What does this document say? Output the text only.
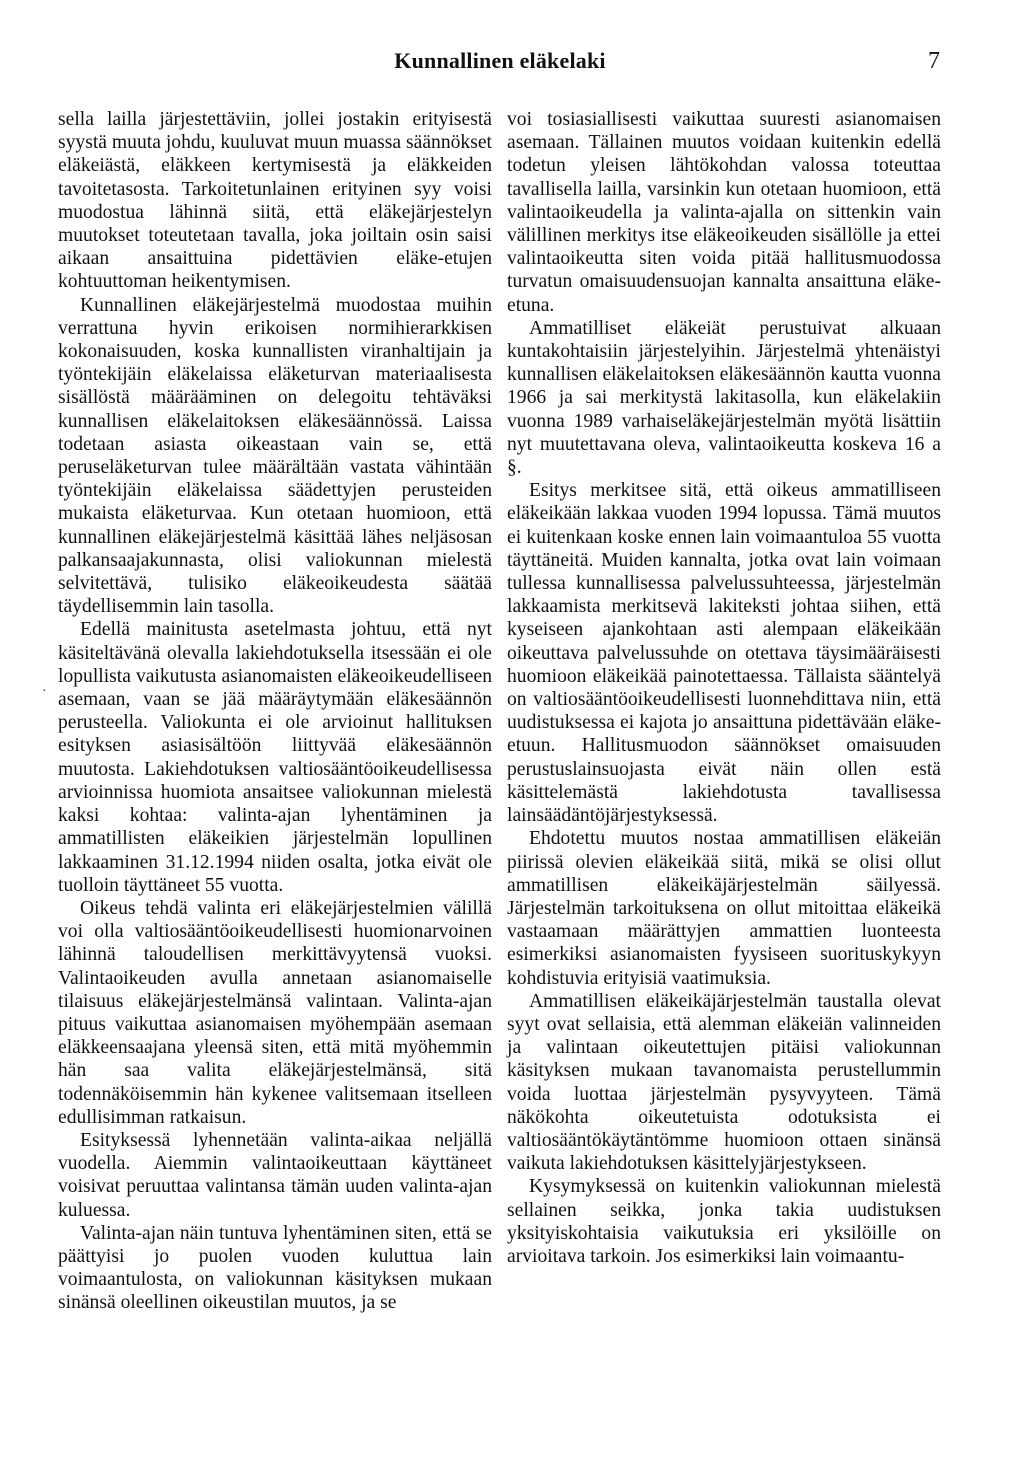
Kunnallinen eläkelaki	7
·

sella lailla järjestettäviin, jollei jostakin erityisestä syystä muuta johdu, kuuluvat muun muassa säännökset eläkeiästä, eläkkeen kertymisestä ja eläkkeiden tavoitetasosta. Tarkoitetunlainen erityinen syy voisi muodostua lähinnä siitä, että eläkejärjestelyn muutokset toteutetaan tavalla, joka joiltain osin saisi aikaan ansaittuina pidettävien eläke-etujen kohtuuttoman heikentymisen.

Kunnallinen eläkejärjestelmä muodostaa muihin verrattuna hyvin erikoisen normihierarkkisen kokonaisuuden, koska kunnallisten viranhaltijain ja työntekijäin eläkelaissa eläketurvan materiaalisesta sisällöstä määrääminen on delegoitu tehtäväksi kunnallisen eläkelaitoksen eläkesäännössä. Laissa todetaan asiasta oikeastaan vain se, että peruseläketurvan tulee määrältään vastata vähintään työntekijäin eläkelaissa säädettyjen perusteiden mukaista eläketurvaa. Kun otetaan huomioon, että kunnallinen eläkejärjestelmä käsittää lähes neljäsosan palkansaajakunnasta, olisi valiokunnan mielestä selvitettävä, tulisiko eläkeoikeudesta säätää täydellisemmin lain tasolla.

Edellä mainitusta asetelmasta johtuu, että nyt käsiteltävänä olevalla lakiehdotuksella itsessään ei ole lopullista vaikutusta asianomaisten eläkeoikeudelliseen asemaan, vaan se jää määräytymään eläkesäännön perusteella. Valiokunta ei ole arvioinut hallituksen esityksen asiasisältöön liittyvää eläkesäännön muutosta. Lakiehdotuksen valtiosääntöoikeudellisessa arvioinnissa huomiota ansaitsee valiokunnan mielestä kaksi kohtaa: valinta-ajan lyhentäminen ja ammatillisten eläkeikien järjestelmän lopullinen lakkaaminen 31.12.1994 niiden osalta, jotka eivät ole tuolloin täyttäneet 55 vuotta.

Oikeus tehdä valinta eri eläkejärjestelmien välillä voi olla valtiosääntöoikeudellisesti huomionarvoinen lähinnä taloudellisen merkittävyytensä vuoksi. Valintaoikeuden avulla annetaan asianomaiselle tilaisuus eläkejärjestelmänsä valintaan. Valinta-ajan pituus vaikuttaa asianomaisen myöhempään asemaan eläkkeensaajana yleensä siten, että mitä myöhemmin hän saa valita eläkejärjestelmänsä, sitä todennäköisemmin hän kykenee valitsemaan itselleen edullisimman ratkaisun.

Esityksessä lyhennetään valinta-aikaa neljällä vuodella. Aiemmin valintaoikeuttaan käyttäneet voisivat peruuttaa valintansa tämän uuden valinta-ajan kuluessa.

Valinta-ajan näin tuntuva lyhentäminen siten, että se päättyisi jo puolen vuoden kuluttua lain voimaantulosta, on valiokunnan käsityksen mukaan sinänsä oleellinen oikeustilan muutos, ja se

voi tosiasiallisesti vaikuttaa suuresti asianomaisen asemaan. Tällainen muutos voidaan kuitenkin edellä todetun yleisen lähtökohdan valossa toteuttaa tavallisella lailla, varsinkin kun otetaan huomioon, että valintaoikeudella ja valinta-ajalla on sittenkin vain välillinen merkitys itse eläkeoikeuden sisällölle ja ettei valintaoikeutta siten voida pitää hallitusmuodossa turvatun omaisuudensuojan kannalta ansaittuna eläke-etuna.

Ammatilliset eläkeiät perustuivat alkuaan kuntakohtaisiin järjestelyihin. Järjestelmä yhtenäistyi kunnallisen eläkelaitoksen eläkesäännön kautta vuonna 1966 ja sai merkitystä lakitasolla, kun eläkelakiin vuonna 1989 varhaiseläkejärjestelmän myötä lisättiin nyt muutettavana oleva, valintaoikeutta koskeva 16 a §.

Esitys merkitsee sitä, että oikeus ammatilliseen eläkeikään lakkaa vuoden 1994 lopussa. Tämä muutos ei kuitenkaan koske ennen lain voimaantuloa 55 vuotta täyttäneitä. Muiden kannalta, jotka ovat lain voimaan tullessa kunnallisessa palvelussuhteessa, järjestelmän lakkaamista merkitsevä lakiteksti johtaa siihen, että kyseiseen ajankohtaan asti alempaan eläkeikään oikeuttava palvelussuhde on otettava täysimääräisesti huomioon eläkeikää painotettaessa. Tällaista sääntelyä on valtiosääntöoikeudellisesti luonnehdittava niin, että uudistuksessa ei kajota jo ansaittuna pidettävään eläke-etuun. Hallitusmuodon säännökset omaisuuden perustuslainsuojasta eivät näin ollen estä käsittelemästä lakiehdotusta tavallisessa lainsäädäntöjärjestyksessä.

Ehdotettu muutos nostaa ammatillisen eläkeiän piirissä olevien eläkeikää siitä, mikä se olisi ollut ammatillisen eläkeikäjärjestelmän säilyessä. Järjestelmän tarkoituksena on ollut mitoittaa eläkeikä vastaamaan määrättyjen ammattien luonteesta esimerkiksi asianomaisten fyysiseen suorituskykyyn kohdistuvia erityisiä vaatimuksia.

Ammatillisen eläkeikäjärjestelmän taustalla olevat syyt ovat sellaisia, että alemman eläkeiän valinneiden ja valintaan oikeutettujen pitäisi valiokunnan käsityksen mukaan tavanomaista perustellummin voida luottaa järjestelmän pysyvyyteen. Tämä näkökohta oikeutetuista odotuksista ei valtiosääntökäytäntömme huomioon ottaen sinänsä vaikuta lakiehdotuksen käsittelyjärjestykseen.

Kysymyksessä on kuitenkin valiokunnan mielestä sellainen seikka, jonka takia uudistuksen yksityiskohtaisia vaikutuksia eri yksilöille on arvioitava tarkoin. Jos esimerkiksi lain voimaantu-
